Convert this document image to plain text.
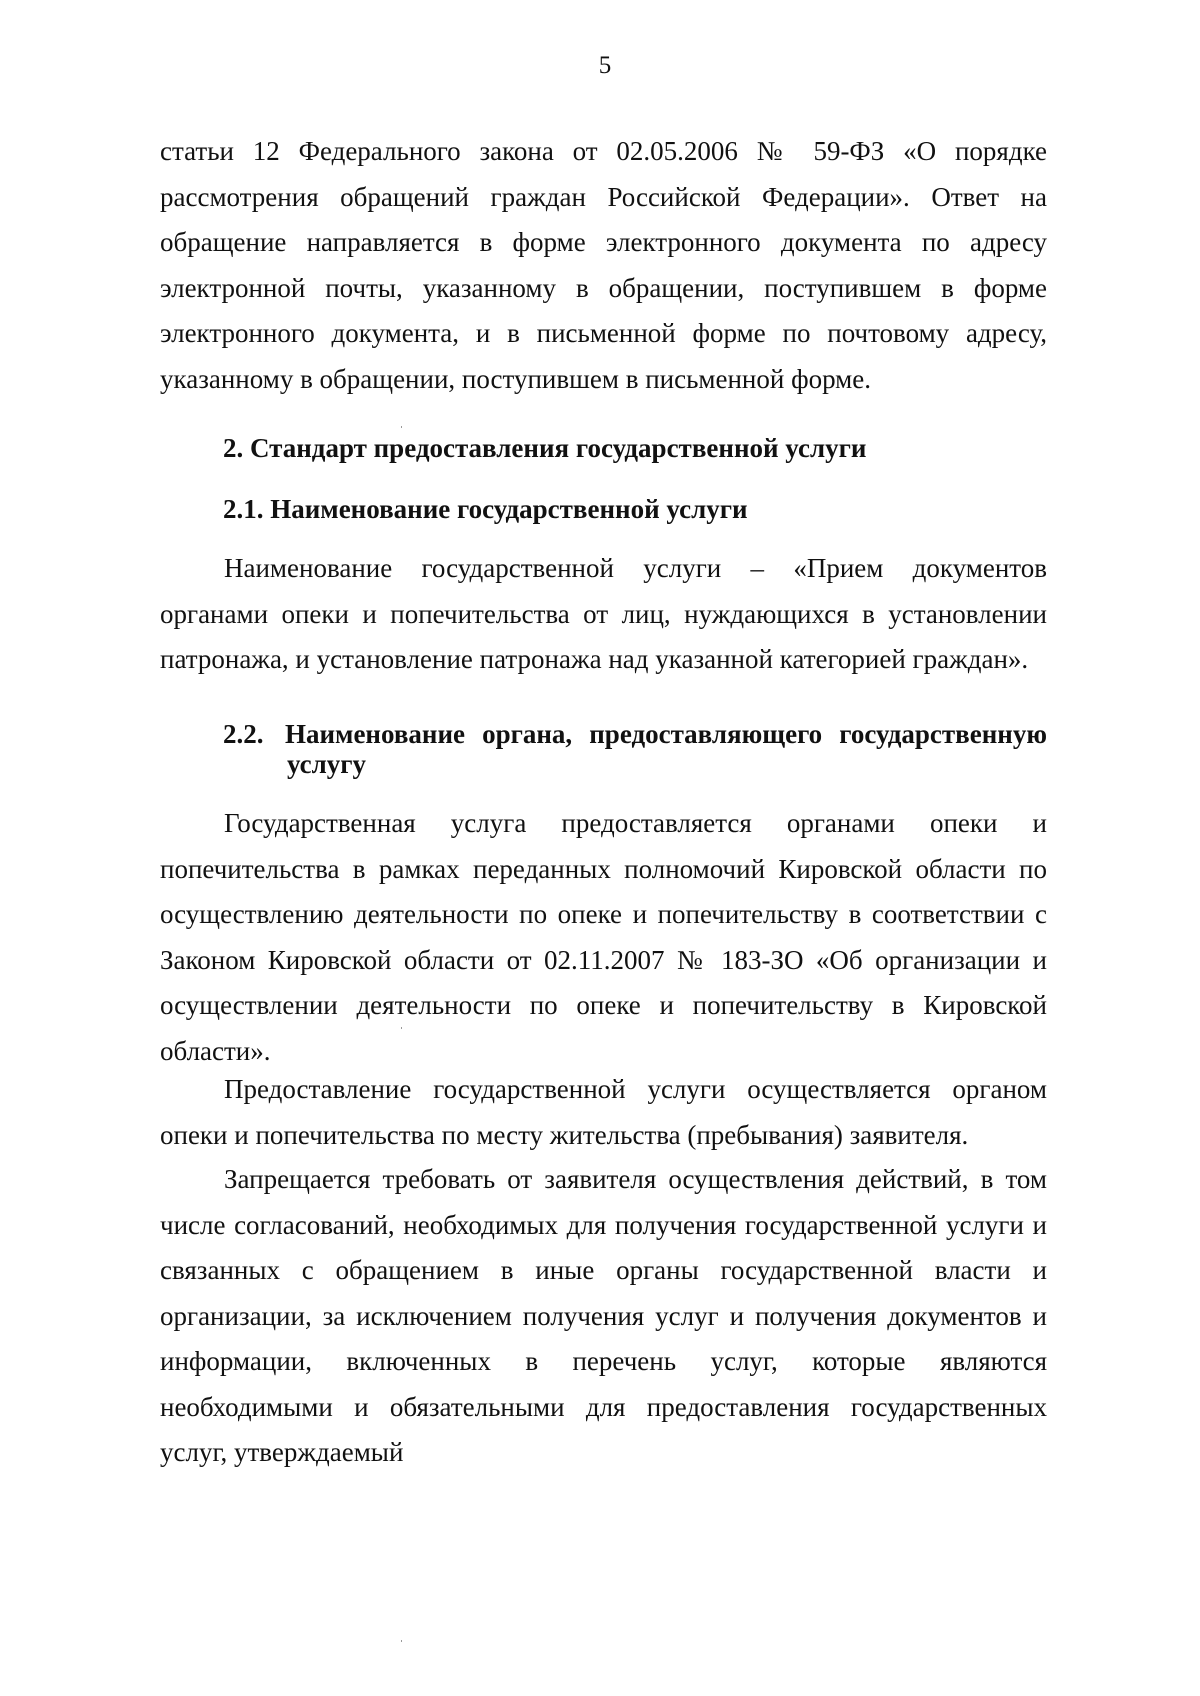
5
статьи 12 Федерального закона от 02.05.2006 № 59-ФЗ «О порядке рассмотрения обращений граждан Российской Федерации». Ответ на обращение направляется в форме электронного документа по адресу электронной почты, указанному в обращении, поступившем в форме электронного документа, и в письменной форме по почтовому адресу, указанному в обращении, поступившем в письменной форме.
2. Стандарт предоставления государственной услуги
2.1. Наименование государственной услуги
Наименование государственной услуги – «Прием документов органами опеки и попечительства от лиц, нуждающихся в установлении патронажа, и установление патронажа над указанной категорией граждан».
2.2. Наименование органа, предоставляющего государственную
услугу
Государственная услуга предоставляется органами опеки и попечительства в рамках переданных полномочий Кировской области по осуществлению деятельности по опеке и попечительству в соответствии с Законом Кировской области от 02.11.2007 № 183-ЗО «Об организации и осуществлении деятельности по опеке и попечительству в Кировской области».
Предоставление государственной услуги осуществляется органом опеки и попечительства по месту жительства (пребывания) заявителя.
Запрещается требовать от заявителя осуществления действий, в том числе согласований, необходимых для получения государственной услуги и связанных с обращением в иные органы государственной власти и организации, за исключением получения услуг и получения документов и информации, включенных в перечень услуг, которые являются необходимыми и обязательными для предоставления государственных услуг, утверждаемый
